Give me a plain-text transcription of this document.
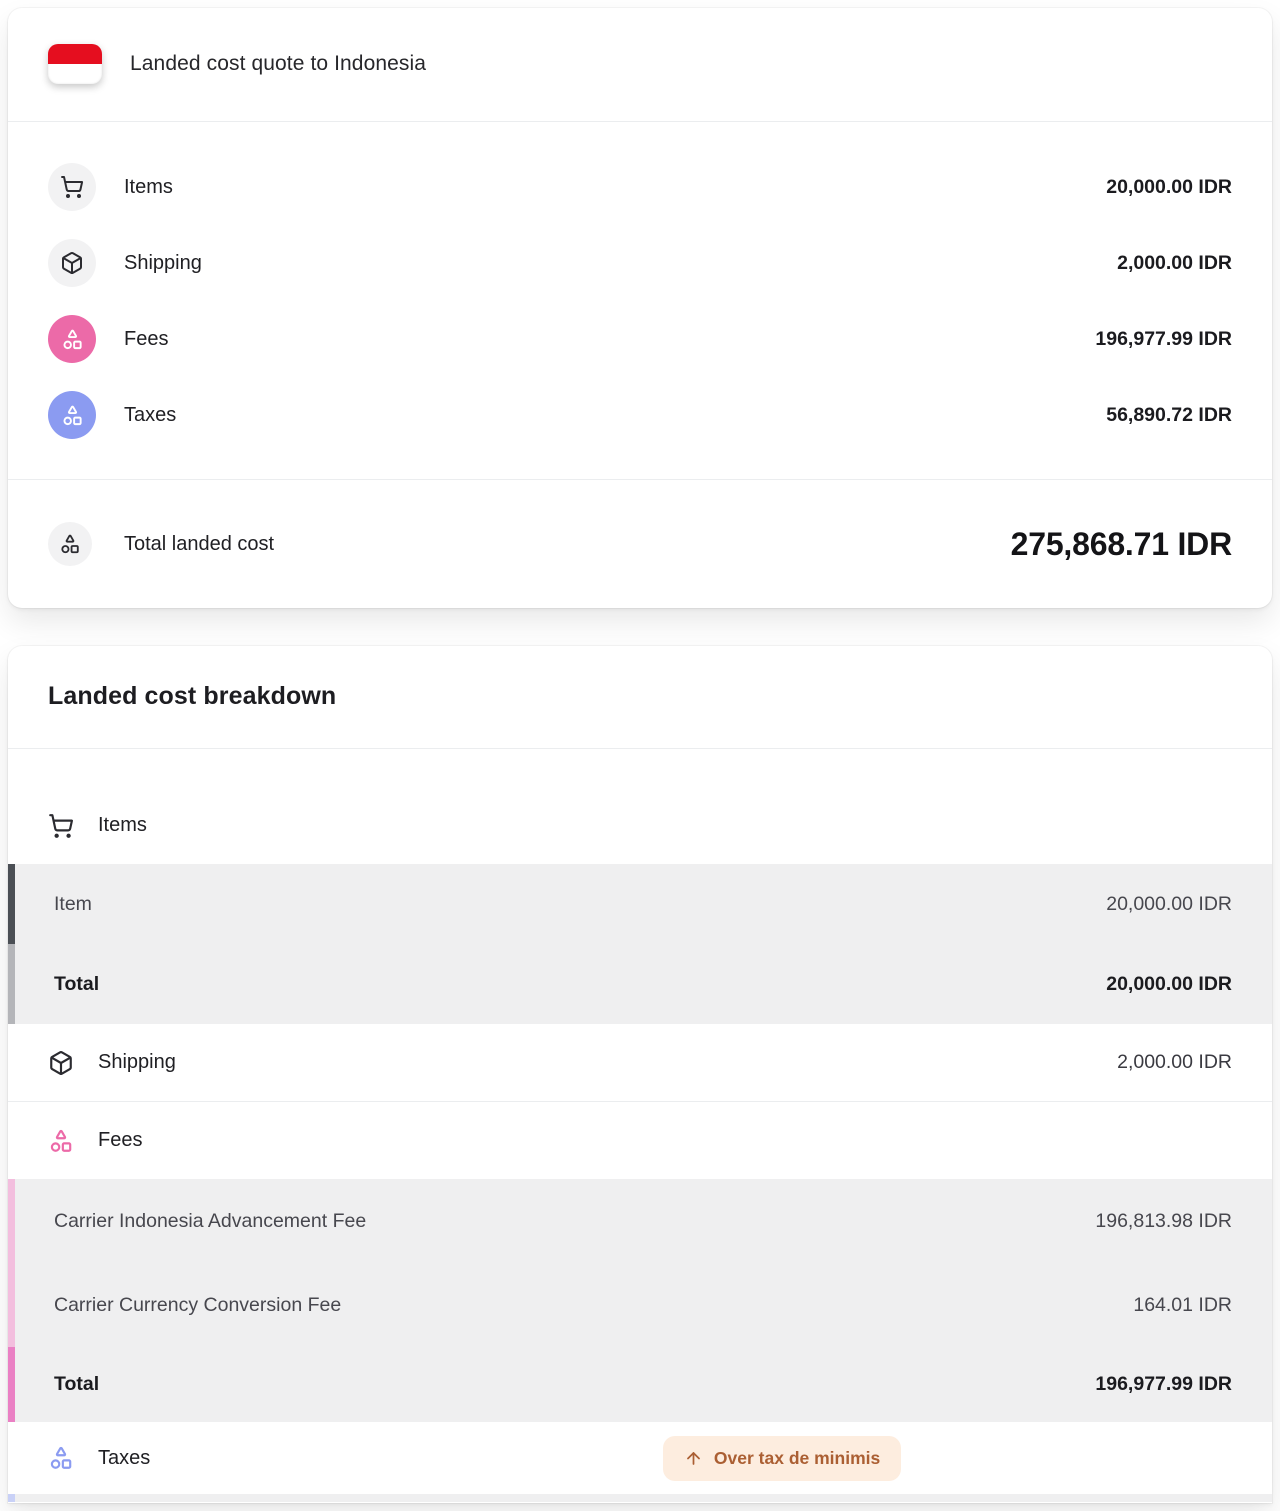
Landed cost quote to Indonesia
Items	20,000.00 IDR
Shipping	2,000.00 IDR
Fees	196,977.99 IDR
Taxes	56,890.72 IDR
Total landed cost	275,868.71 IDR
Landed cost breakdown
Items
Item	20,000.00 IDR
Total	20,000.00 IDR
Shipping	2,000.00 IDR
Fees
Carrier Indonesia Advancement Fee	196,813.98 IDR
Carrier Currency Conversion Fee	164.01 IDR
Total	196,977.99 IDR
Taxes	Over tax de minimis
